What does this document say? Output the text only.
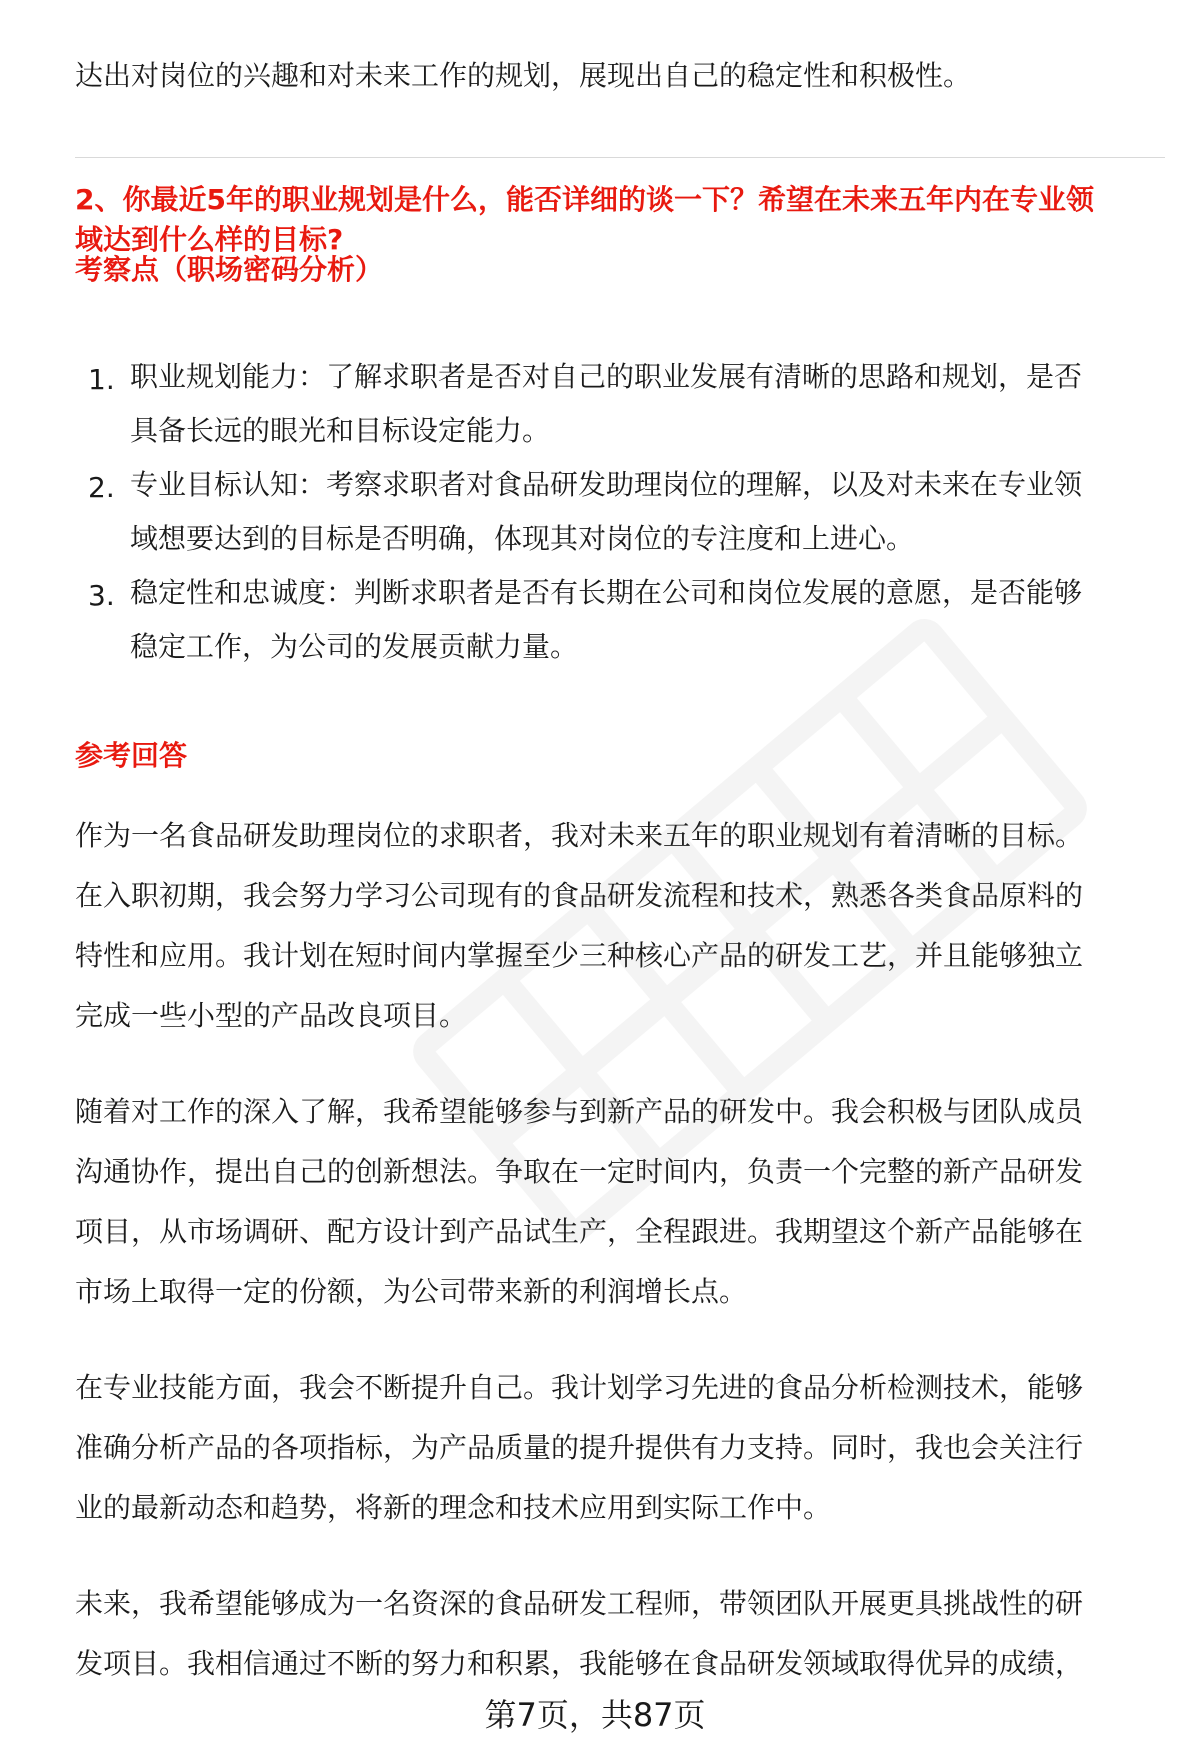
达出对岗位的兴趣和对未来工作的规划，展现出自己的稳定性和积极性。
2、你最近5年的职业规划是什么，能否详细的谈一下？希望在未来五年内在专业领
域达到什么样的目标?
考察点（职场密码分析）
1. 职业规划能力：了解求职者是否对自己的职业发展有清晰的思路和规划，是否
具备长远的眼光和目标设定能力。
2. 专业目标认知：考察求职者对食品研发助理岗位的理解，以及对未来在专业领
域想要达到的目标是否明确，体现其对岗位的专注度和上进心。
3. 稳定性和忠诚度：判断求职者是否有长期在公司和岗位发展的意愿，是否能够
稳定工作，为公司的发展贡献力量。
参考回答
作为一名食品研发助理岗位的求职者，我对未来五年的职业规划有着清晰的目标。
在入职初期，我会努力学习公司现有的食品研发流程和技术，熟悉各类食品原料的
特性和应用。我计划在短时间内掌握至少三种核心产品的研发工艺，并且能够独立
完成一些小型的产品改良项目。
随着对工作的深入了解，我希望能够参与到新产品的研发中。我会积极与团队成员
沟通协作，提出自己的创新想法。争取在一定时间内，负责一个完整的新产品研发
项目，从市场调研、配方设计到产品试生产，全程跟进。我期望这个新产品能够在
市场上取得一定的份额，为公司带来新的利润增长点。
在专业技能方面，我会不断提升自己。我计划学习先进的食品分析检测技术，能够
准确分析产品的各项指标，为产品质量的提升提供有力支持。同时，我也会关注行
业的最新动态和趋势，将新的理念和技术应用到实际工作中。
未来，我希望能够成为一名资深的食品研发工程师，带领团队开展更具挑战性的研
发项目。我相信通过不断的努力和积累，我能够在食品研发领域取得优异的成绩，
第7页，共87页
